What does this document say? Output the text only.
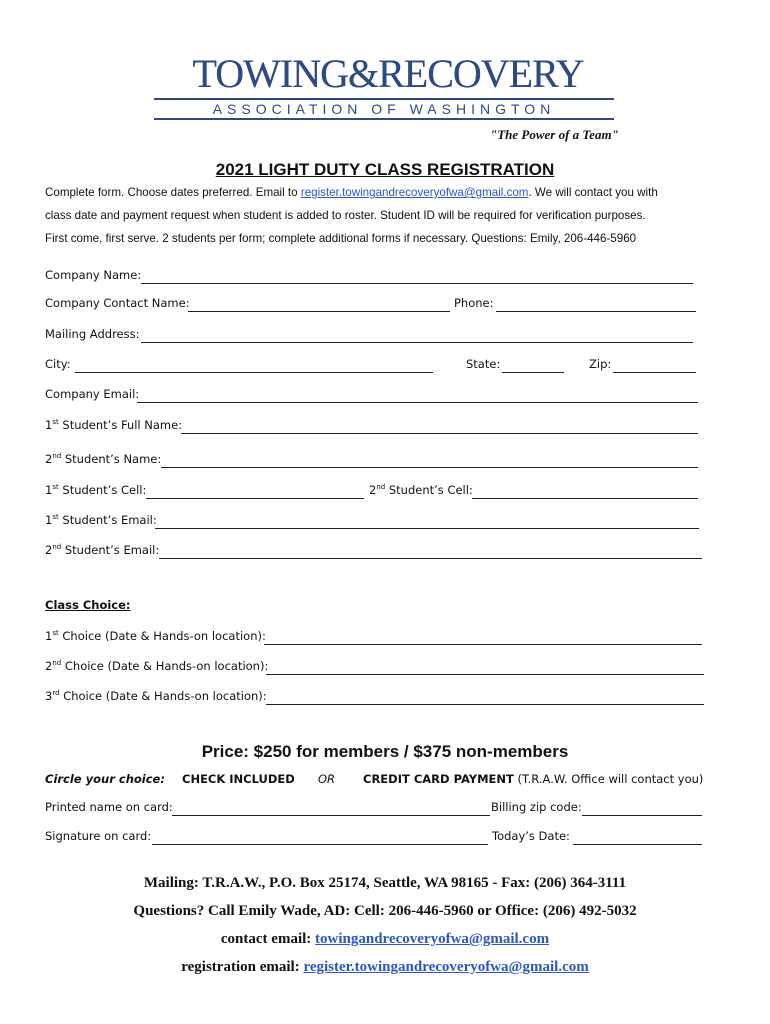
TOWING&RECOVERY
ASSOCIATION OF WASHINGTON
"The Power of a Team"
2021 LIGHT DUTY CLASS REGISTRATION
Complete form. Choose dates preferred. Email to register.towingandrecoveryofwa@gmail.com. We will contact you with
class date and payment request when student is added to roster. Student ID will be required for verification purposes.
First come, first serve. 2 students per form; complete additional forms if necessary. Questions: Emily, 206-446-5960
Company Name:
Company Contact Name:	Phone:
Mailing Address:
City:	State:	Zip:
Company Email:
1st Student’s Full Name:
2nd Student’s Name:
1st Student’s Cell:	2nd Student’s Cell:
1st Student’s Email:
2nd Student’s Email:
Class Choice:
1st Choice (Date & Hands-on location):
2nd Choice (Date & Hands-on location):
3rd Choice (Date & Hands-on location):
Price: $250 for members / $375 non-members
Circle your choice: CHECK INCLUDED OR CREDIT CARD PAYMENT (T.R.A.W. Office will contact you)
Printed name on card:	Billing zip code:
Signature on card:	Today’s Date:
Mailing: T.R.A.W., P.O. Box 25174, Seattle, WA 98165 - Fax: (206) 364-3111
Questions? Call Emily Wade, AD: Cell: 206-446-5960 or Office: (206) 492-5032
contact email: towingandrecoveryofwa@gmail.com
registration email: register.towingandrecoveryofwa@gmail.com
